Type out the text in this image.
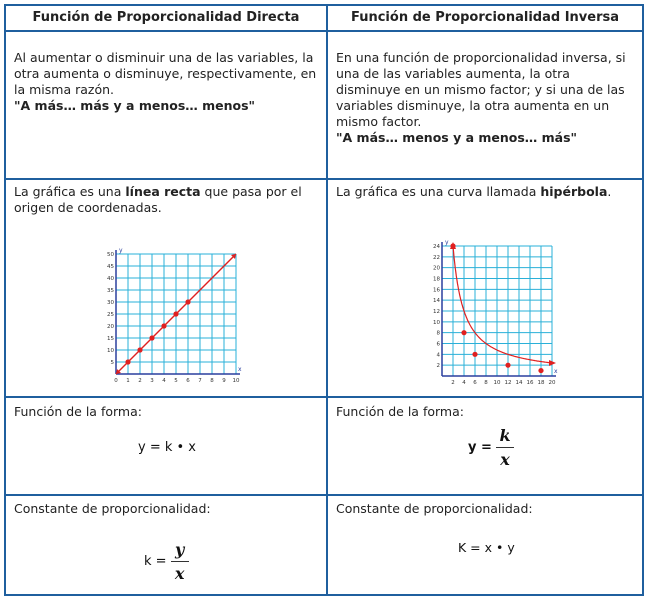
Función de Proporcionalidad Directa	Función de Proporcionalidad Inversa
Al aumentar o disminuir una de las variables, la otra aumenta o disminuye, respectivamente, en la misma razón.
"A más… más y a menos… menos"
En una función de proporcionalidad inversa, si una de las variables aumenta, la otra disminuye en un mismo factor; y si una de las variables disminuye, la otra aumenta en un mismo factor.
"A más… menos y a menos… más"
La gráfica es una línea recta que pasa por el origen de coordenadas.
La gráfica es una curva llamada hipérbola.
x
y
0 1 2 3 4 5 6 7 8 9 10
5
10
15
20
25
30
35
40
45
50
x
y
2 4 6 8 10 12 14 16 18 20
2
4
6
8
10
12
14
16
18
20
22
24
Función de la forma:
y = k • x
Función de la forma:
$y = \frac{k}{x}$
Constante de proporcionalidad:
$k = \frac{y}{x}$
Constante de proporcionalidad:
K = x • y
